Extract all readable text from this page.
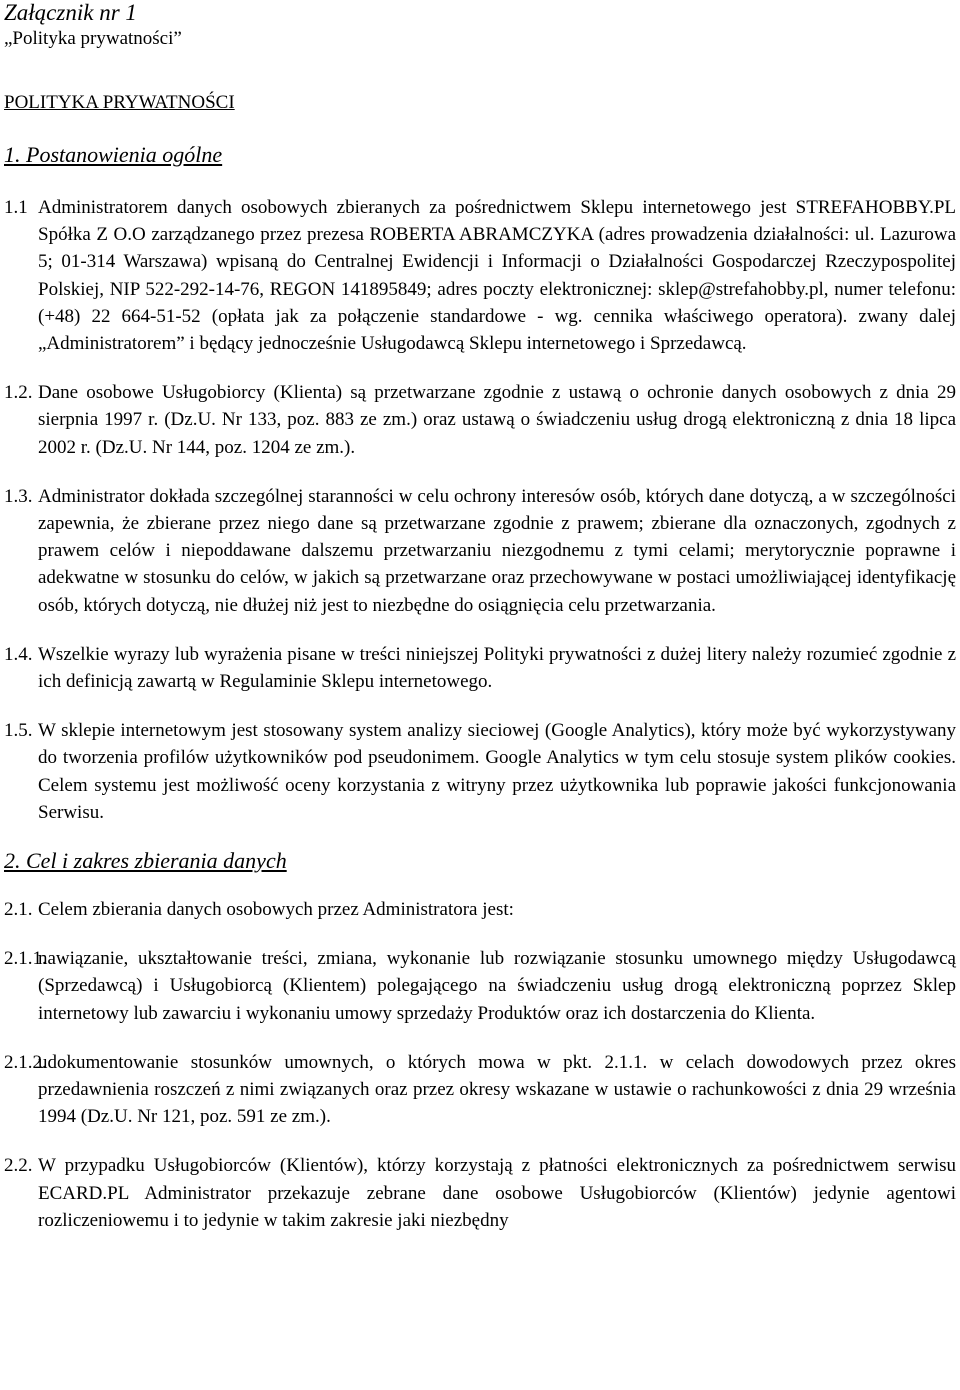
Załącznik nr 1
„Polityka prywatności”
POLITYKA PRYWATNOŚCI
1. Postanowienia ogólne
1.1 Administratorem danych osobowych zbieranych za pośrednictwem Sklepu internetowego jest STREFAHOBBY.PL Spółka Z O.O zarządzanego przez prezesa ROBERTA ABRAMCZYKA (adres prowadzenia działalności: ul. Lazurowa 5; 01-314 Warszawa) wpisaną do Centralnej Ewidencji i Informacji o Działalności Gospodarczej Rzeczypospolitej Polskiej, NIP 522-292-14-76, REGON 141895849; adres poczty elektronicznej: sklep@strefahobby.pl, numer telefonu: (+48) 22 664-51-52 (opłata jak za połączenie standardowe - wg. cennika właściwego operatora). zwany dalej „Administratorem” i będący jednocześnie Usługodawcą Sklepu internetowego i Sprzedawcą.
1.2. Dane osobowe Usługobiorcy (Klienta) są przetwarzane zgodnie z ustawą o ochronie danych osobowych z dnia 29 sierpnia 1997 r. (Dz.U. Nr 133, poz. 883 ze zm.) oraz ustawą o świadczeniu usług drogą elektroniczną z dnia 18 lipca 2002 r. (Dz.U. Nr 144, poz. 1204 ze zm.).
1.3. Administrator dokłada szczególnej staranności w celu ochrony interesów osób, których dane dotyczą, a w szczególności zapewnia, że zbierane przez niego dane są przetwarzane zgodnie z prawem; zbierane dla oznaczonych, zgodnych z prawem celów i niepoddawane dalszemu przetwarzaniu niezgodnemu z tymi celami; merytorycznie poprawne i adekwatne w stosunku do celów, w jakich są przetwarzane oraz przechowywane w postaci umożliwiającej identyfikację osób, których dotyczą, nie dłużej niż jest to niezbędne do osiągnięcia celu przetwarzania.
1.4. Wszelkie wyrazy lub wyrażenia pisane w treści niniejszej Polityki prywatności z dużej litery należy rozumieć zgodnie z ich definicją zawartą w Regulaminie Sklepu internetowego.
1.5. W sklepie internetowym jest stosowany system analizy sieciowej (Google Analytics), który może być wykorzystywany do tworzenia profilów użytkowników pod pseudonimem. Google Analytics w tym celu stosuje system plików cookies. Celem systemu jest możliwość oceny korzystania z witryny przez użytkownika lub poprawie jakości funkcjonowania Serwisu.
2. Cel i zakres zbierania danych
2.1. Celem zbierania danych osobowych przez Administratora jest:
2.1.1.
nawiązanie, ukształtowanie treści, zmiana, wykonanie lub rozwiązanie stosunku umownego między Usługodawcą (Sprzedawcą) i Usługobiorcą (Klientem) polegającego na świadczeniu usług drogą elektroniczną poprzez Sklep internetowy lub zawarciu i wykonaniu umowy sprzedaży Produktów oraz ich dostarczenia do Klienta.
2.1.2.
udokumentowanie stosunków umownych, o których mowa w pkt. 2.1.1. w celach dowodowych przez okres przedawnienia roszczeń z nimi związanych oraz przez okresy wskazane w ustawie o rachunkowości z dnia 29 września 1994 (Dz.U. Nr 121, poz. 591 ze zm.).
2.2. W przypadku Usługobiorców (Klientów), którzy korzystają z płatności elektronicznych za pośrednictwem serwisu ECARD.PL Administrator przekazuje zebrane dane osobowe Usługobiorców (Klientów) jedynie agentowi rozliczeniowemu i to jedynie w takim zakresie jaki niezbędny
